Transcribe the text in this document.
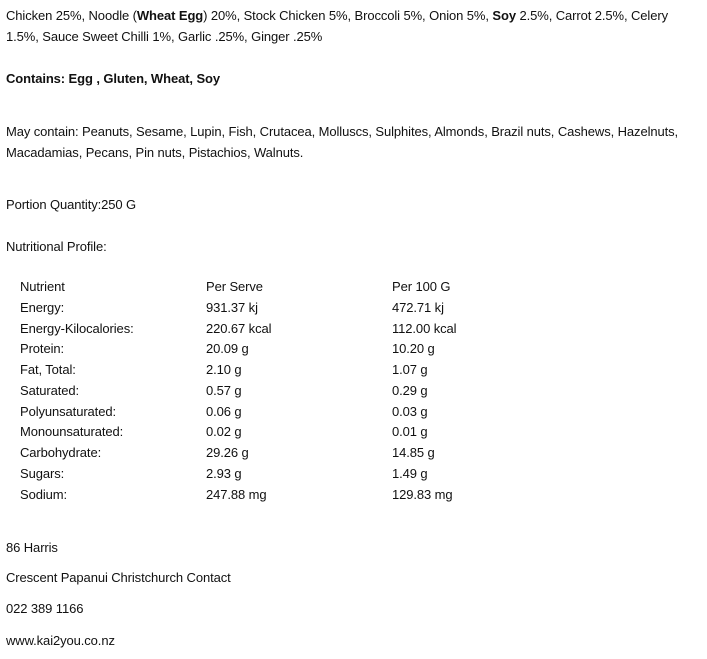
Chicken 25%, Noodle (Wheat Egg) 20%, Stock Chicken 5%, Broccoli 5%, Onion 5%, Soy 2.5%, Carrot 2.5%, Celery 1.5%, Sauce Sweet Chilli 1%, Garlic .25%, Ginger .25%

Contains: Egg , Gluten, Wheat, Soy

May contain: Peanuts, Sesame, Lupin, Fish, Crutacea, Molluscs, Sulphites, Almonds, Brazil nuts, Cashews, Hazelnuts, Macadamias, Pecans, Pin nuts, Pistachios, Walnuts.

Portion Quantity:250 G

Nutritional Profile:

Nutrient	Per Serve	Per 100 G
Energy:	931.37 kj	472.71 kj
Energy-Kilocalories:	220.67 kcal	112.00 kcal
Protein:	20.09 g	10.20 g
Fat, Total:	2.10 g	1.07 g
Saturated:	0.57 g	0.29 g
Polyunsaturated:	0.06 g	0.03 g
Monounsaturated:	0.02 g	0.01 g
Carbohydrate:	29.26 g	14.85 g
Sugars:	2.93 g	1.49 g
Sodium:	247.88 mg	129.83 mg

86 Harris

Crescent Papanui Christchurch Contact

022 389 1166

www.kai2you.co.nz
